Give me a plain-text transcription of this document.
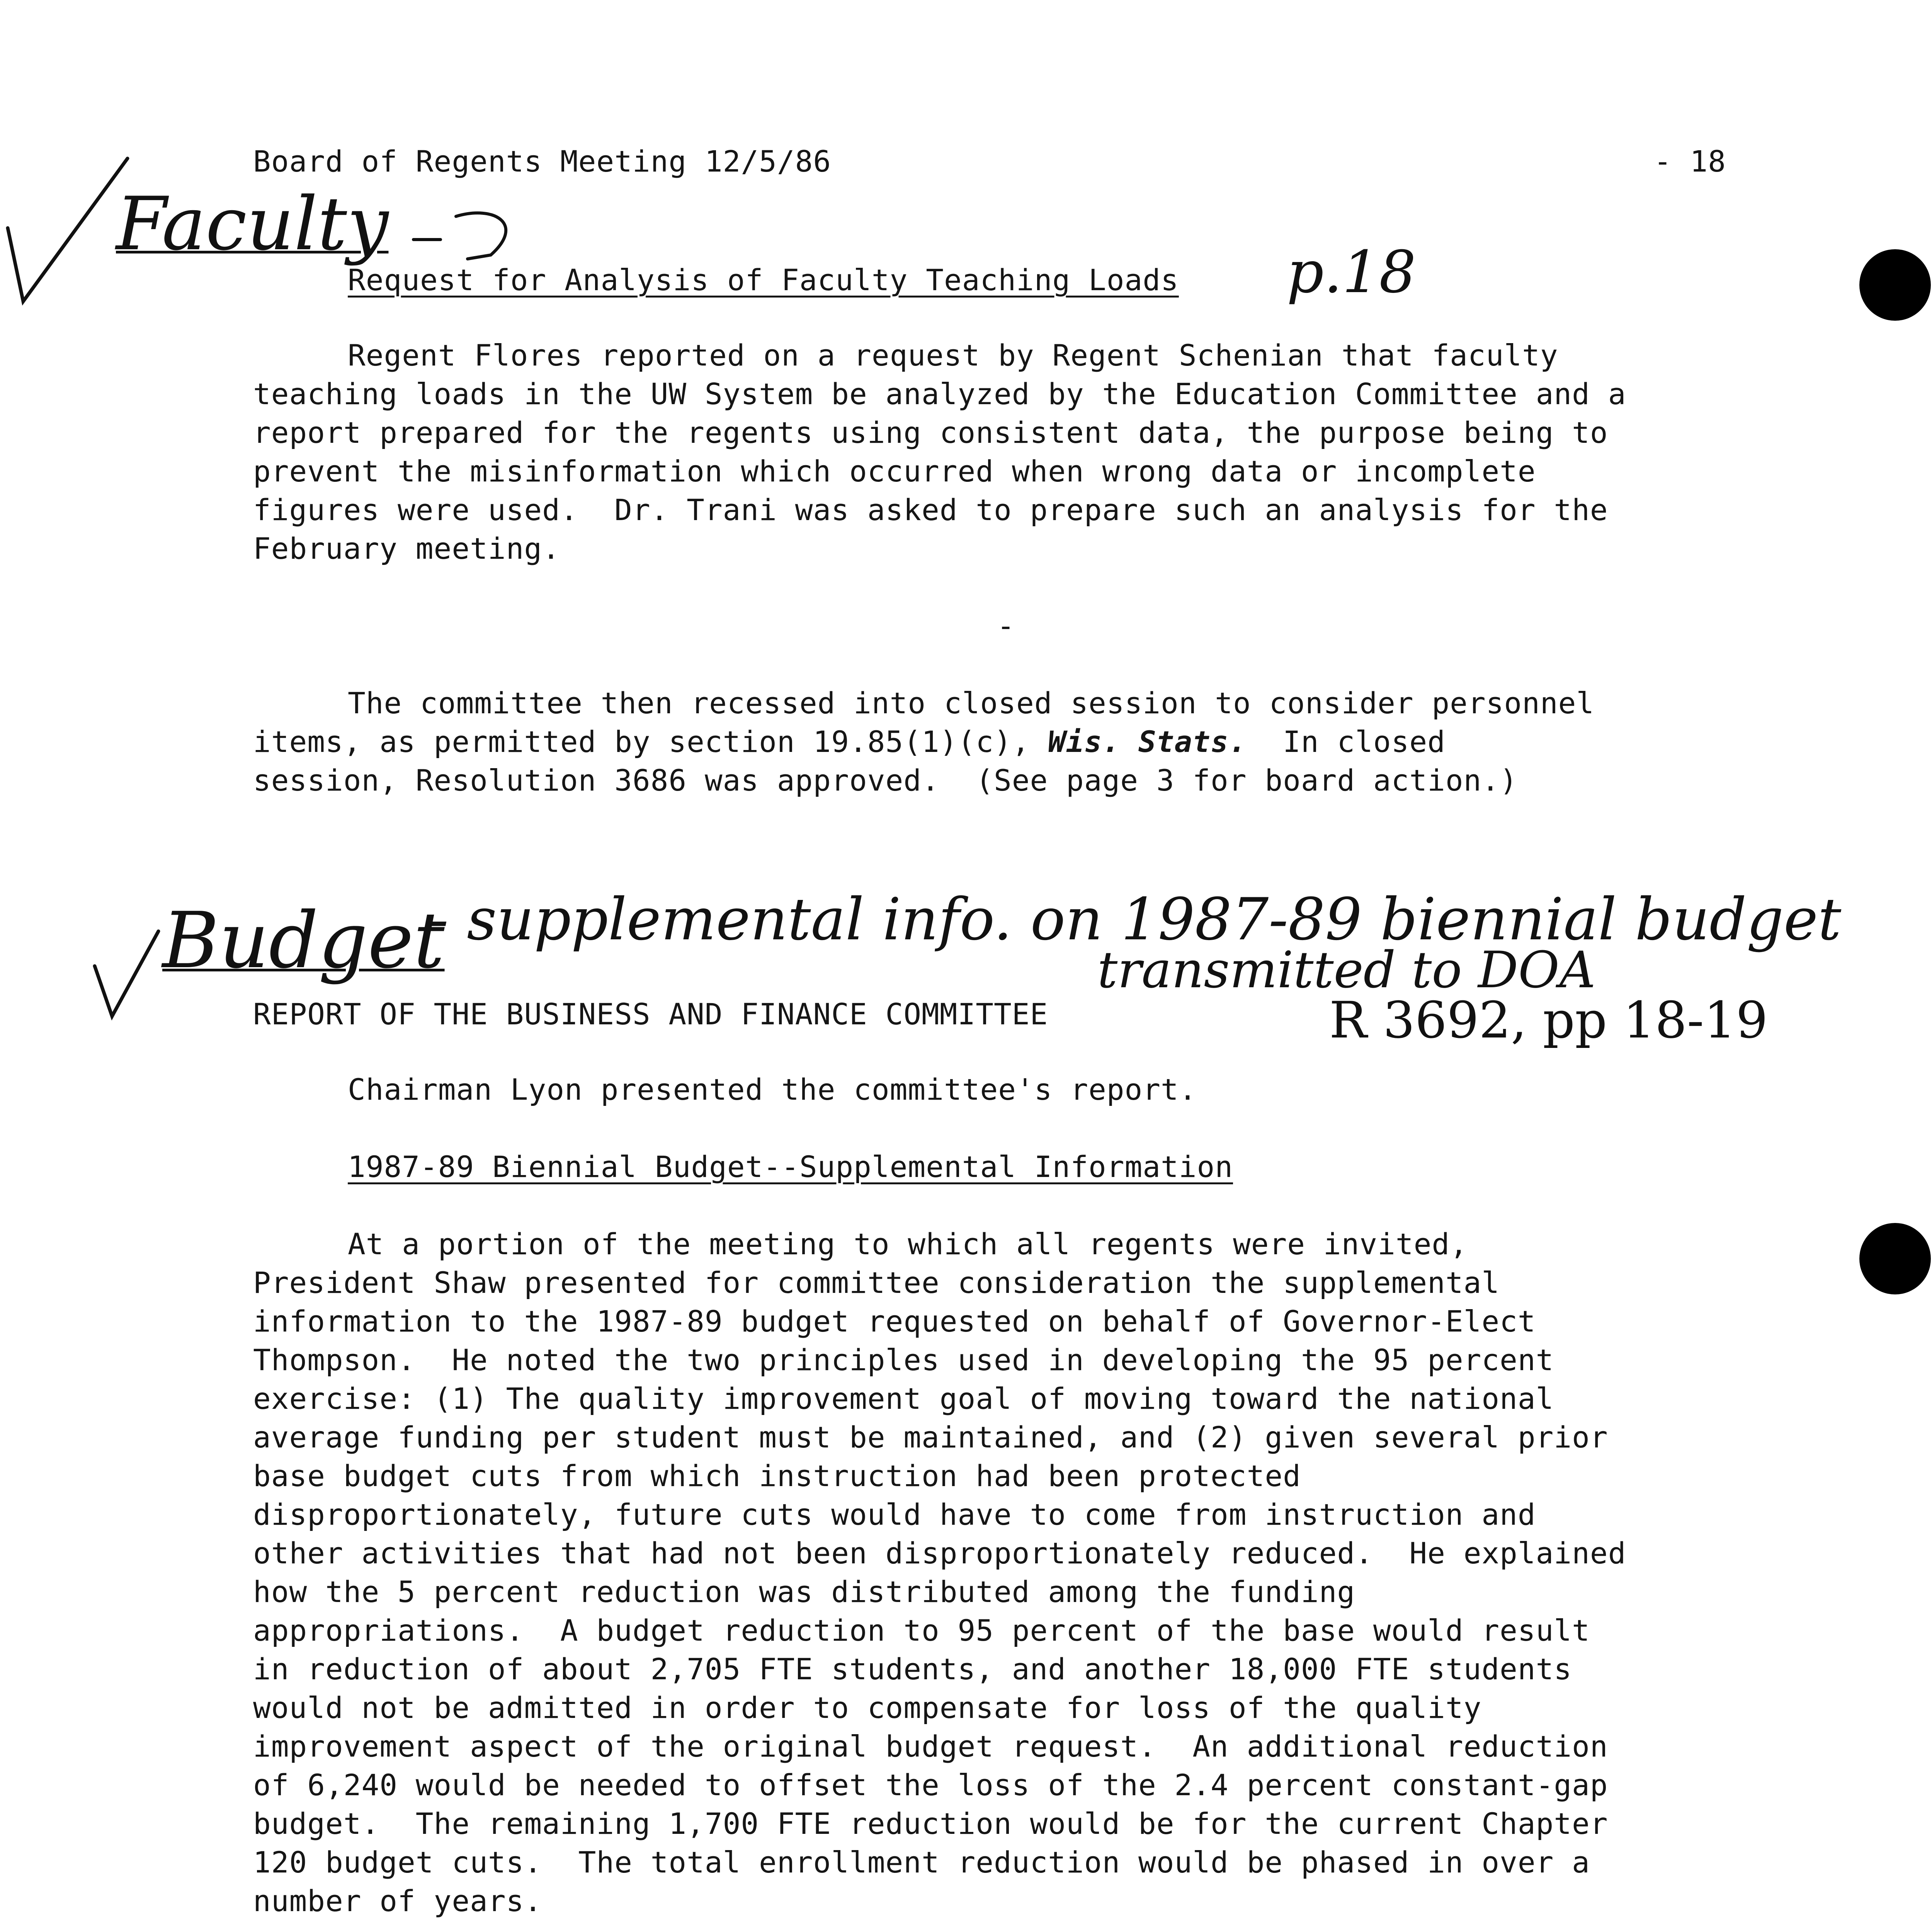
Board of Regents Meeting 12/5/86	- 18
Faculty
Request for Analysis of Faculty Teaching Loads p.18
Regent Flores reported on a request by Regent Schenian that faculty
teaching loads in the UW System be analyzed by the Education Committee and a
report prepared for the regents using consistent data, the purpose being to
prevent the misinformation which occurred when wrong data or incomplete
figures were used.  Dr. Trani was asked to prepare such an analysis for the
February meeting.
-
The committee then recessed into closed session to consider personnel
items, as permitted by section 19.85(1)(c), Wis. Stats.  In closed
session, Resolution 3686 was approved.  (See page 3 for board action.)
Budget
- supplemental info. on 1987-89 biennial budget
transmitted to DOA
R 3692, pp 18-19
REPORT OF THE BUSINESS AND FINANCE COMMITTEE
Chairman Lyon presented the committee's report.
1987-89 Biennial Budget--Supplemental Information
At a portion of the meeting to which all regents were invited,
President Shaw presented for committee consideration the supplemental
information to the 1987-89 budget requested on behalf of Governor-Elect
Thompson.  He noted the two principles used in developing the 95 percent
exercise: (1) The quality improvement goal of moving toward the national
average funding per student must be maintained, and (2) given several prior
base budget cuts from which instruction had been protected
disproportionately, future cuts would have to come from instruction and
other activities that had not been disproportionately reduced.  He explained
how the 5 percent reduction was distributed among the funding
appropriations.  A budget reduction to 95 percent of the base would result
in reduction of about 2,705 FTE students, and another 18,000 FTE students
would not be admitted in order to compensate for loss of the quality
improvement aspect of the original budget request.  An additional reduction
of 6,240 would be needed to offset the loss of the 2.4 percent constant-gap
budget.  The remaining 1,700 FTE reduction would be for the current Chapter
120 budget cuts.  The total enrollment reduction would be phased in over a
number of years.
